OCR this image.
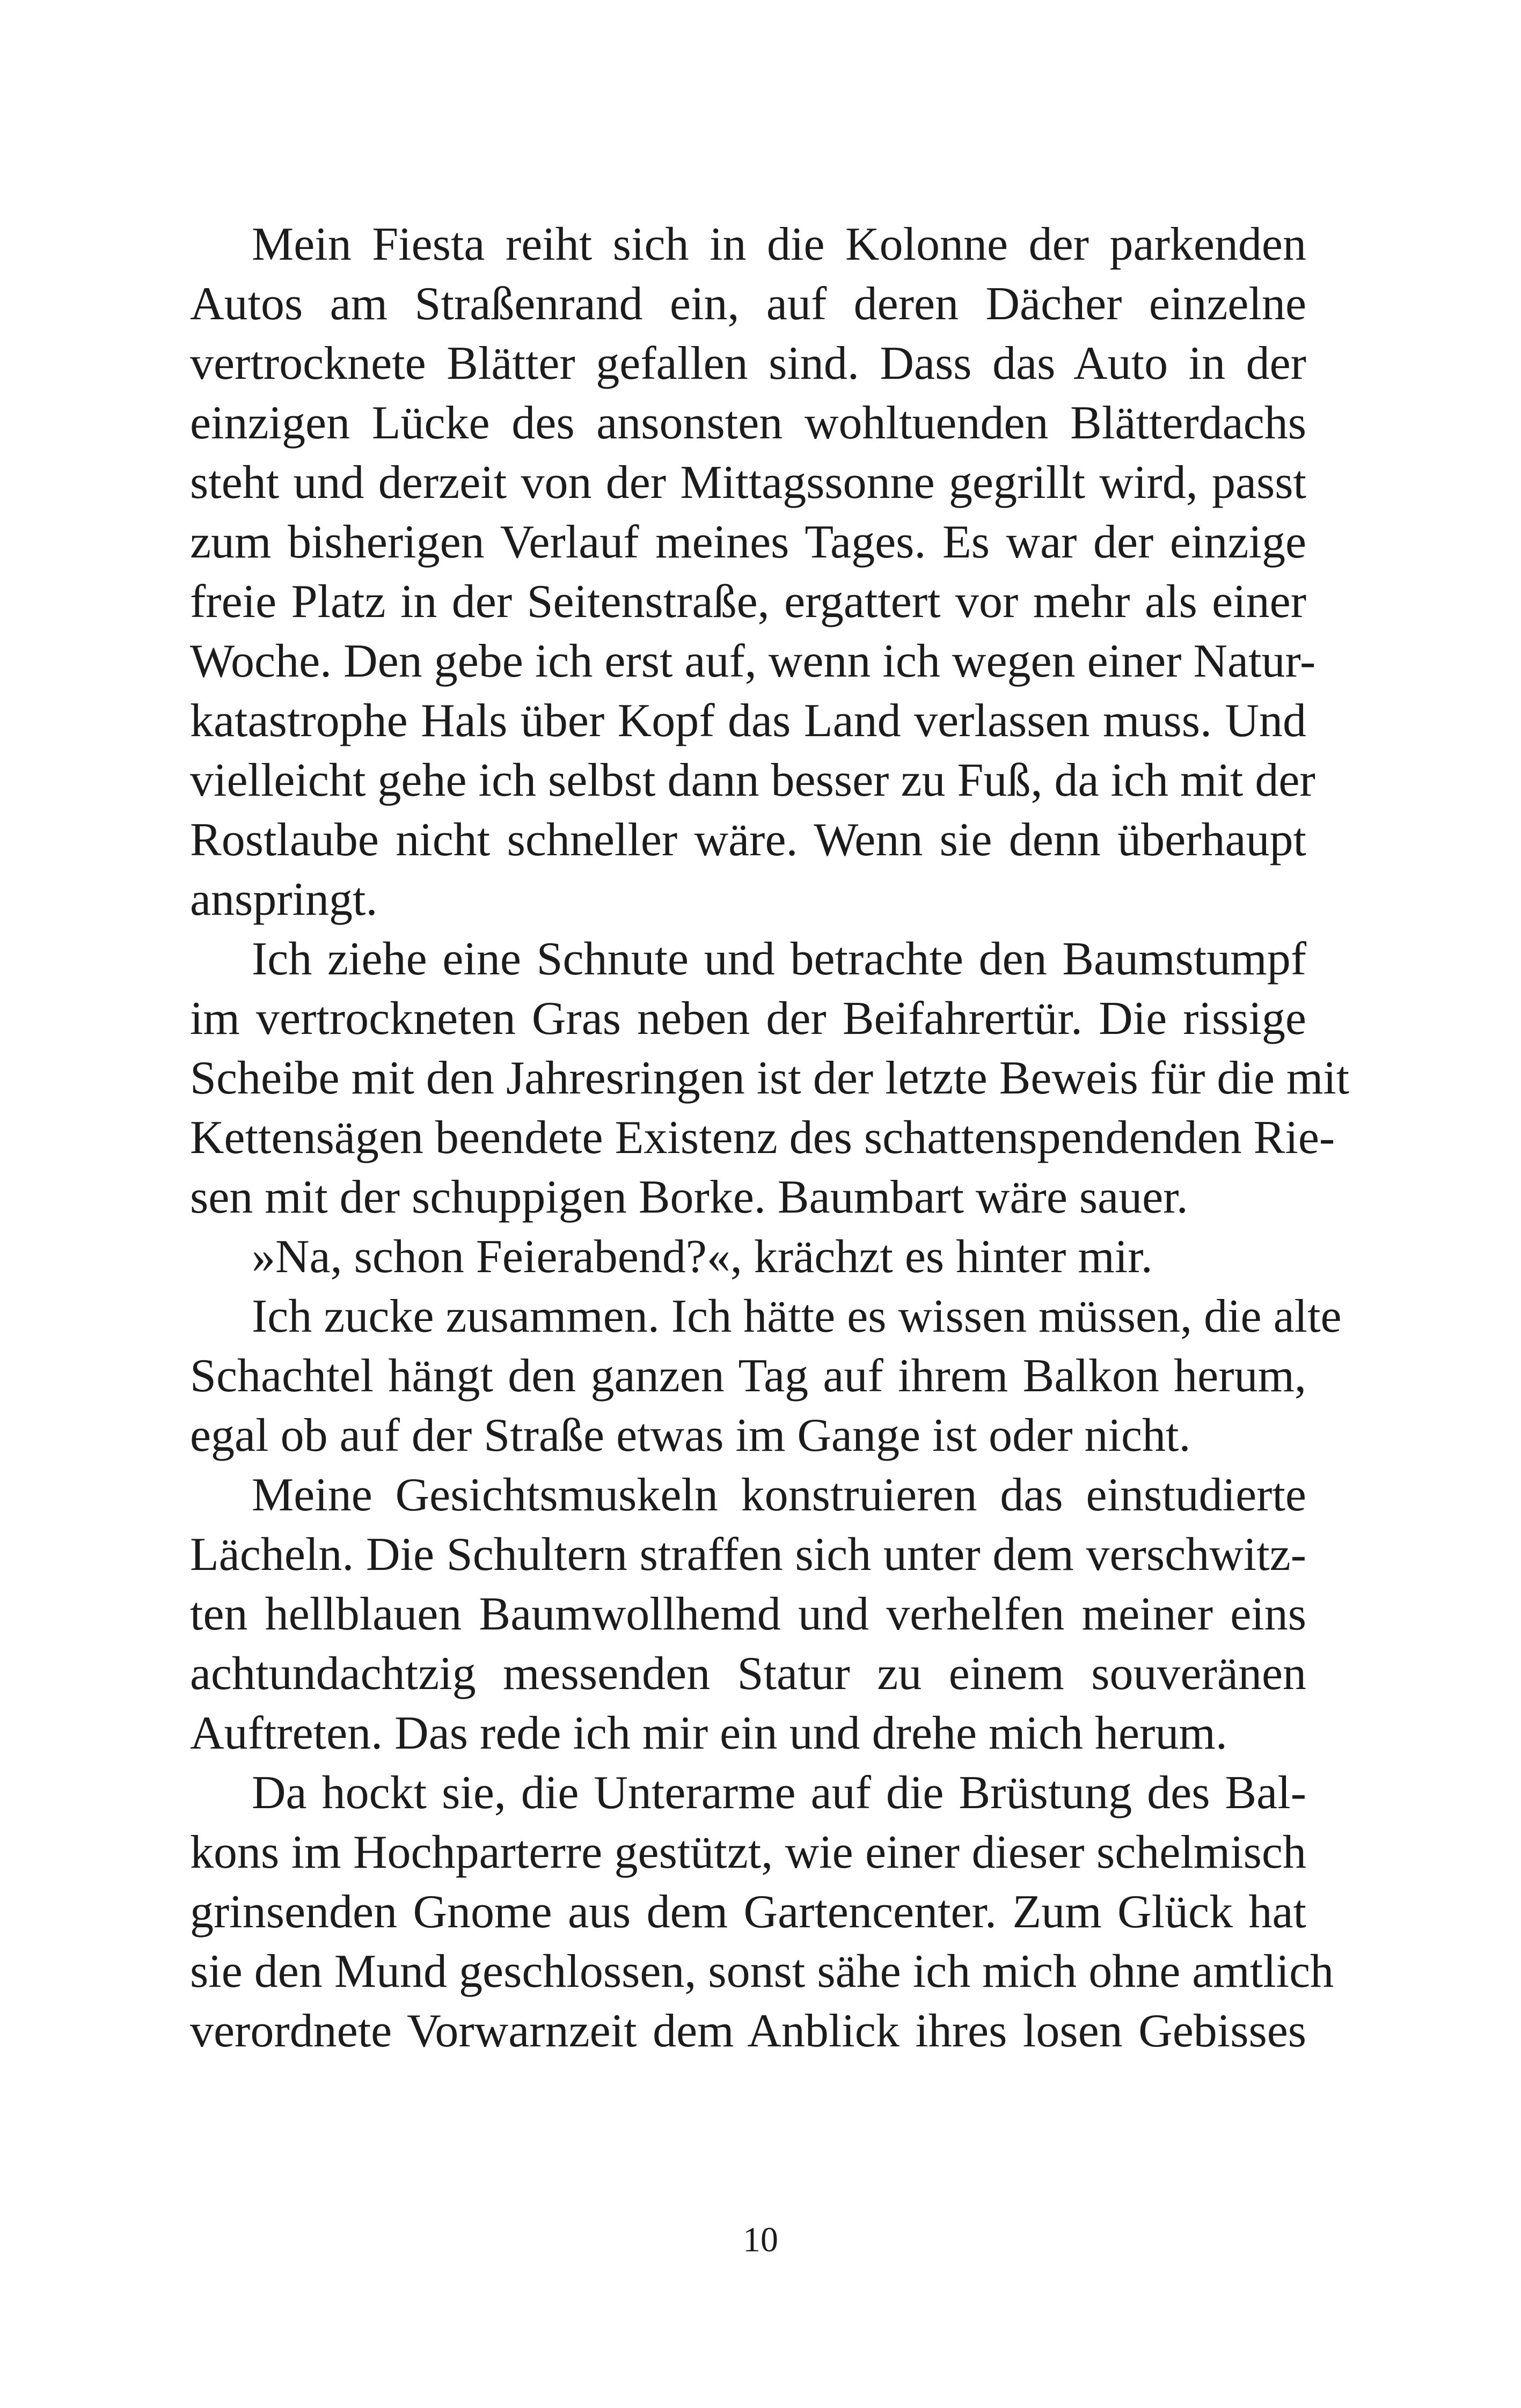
Mein Fiesta reiht sich in die Kolonne der parkenden
Autos am Straßenrand ein, auf deren Dächer einzelne
vertrocknete Blätter gefallen sind. Dass das Auto in der
einzigen Lücke des ansonsten wohltuenden Blätterdachs
steht und derzeit von der Mittagssonne gegrillt wird, passt
zum bisherigen Verlauf meines Tages. Es war der einzige
freie Platz in der Seitenstraße, ergattert vor mehr als einer
Woche. Den gebe ich erst auf, wenn ich wegen einer Natur-
katastrophe Hals über Kopf das Land verlassen muss. Und
vielleicht gehe ich selbst dann besser zu Fuß, da ich mit der
Rostlaube nicht schneller wäre. Wenn sie denn überhaupt
anspringt.
Ich ziehe eine Schnute und betrachte den Baumstumpf
im vertrockneten Gras neben der Beifahrertür. Die rissige
Scheibe mit den Jahresringen ist der letzte Beweis für die mit
Kettensägen beendete Existenz des schattenspendenden Rie-
sen mit der schuppigen Borke. Baumbart wäre sauer.
»Na, schon Feierabend?«, krächzt es hinter mir.
Ich zucke zusammen. Ich hätte es wissen müssen, die alte
Schachtel hängt den ganzen Tag auf ihrem Balkon herum,
egal ob auf der Straße etwas im Gange ist oder nicht.
Meine Gesichtsmuskeln konstruieren das einstudierte
Lächeln. Die Schultern straffen sich unter dem verschwitz-
ten hellblauen Baumwollhemd und verhelfen meiner eins
achtundachtzig messenden Statur zu einem souveränen
Auftreten. Das rede ich mir ein und drehe mich herum.
Da hockt sie, die Unterarme auf die Brüstung des Bal-
kons im Hochparterre gestützt, wie einer dieser schelmisch
grinsenden Gnome aus dem Gartencenter. Zum Glück hat
sie den Mund geschlossen, sonst sähe ich mich ohne amtlich
verordnete Vorwarnzeit dem Anblick ihres losen Gebisses
10
